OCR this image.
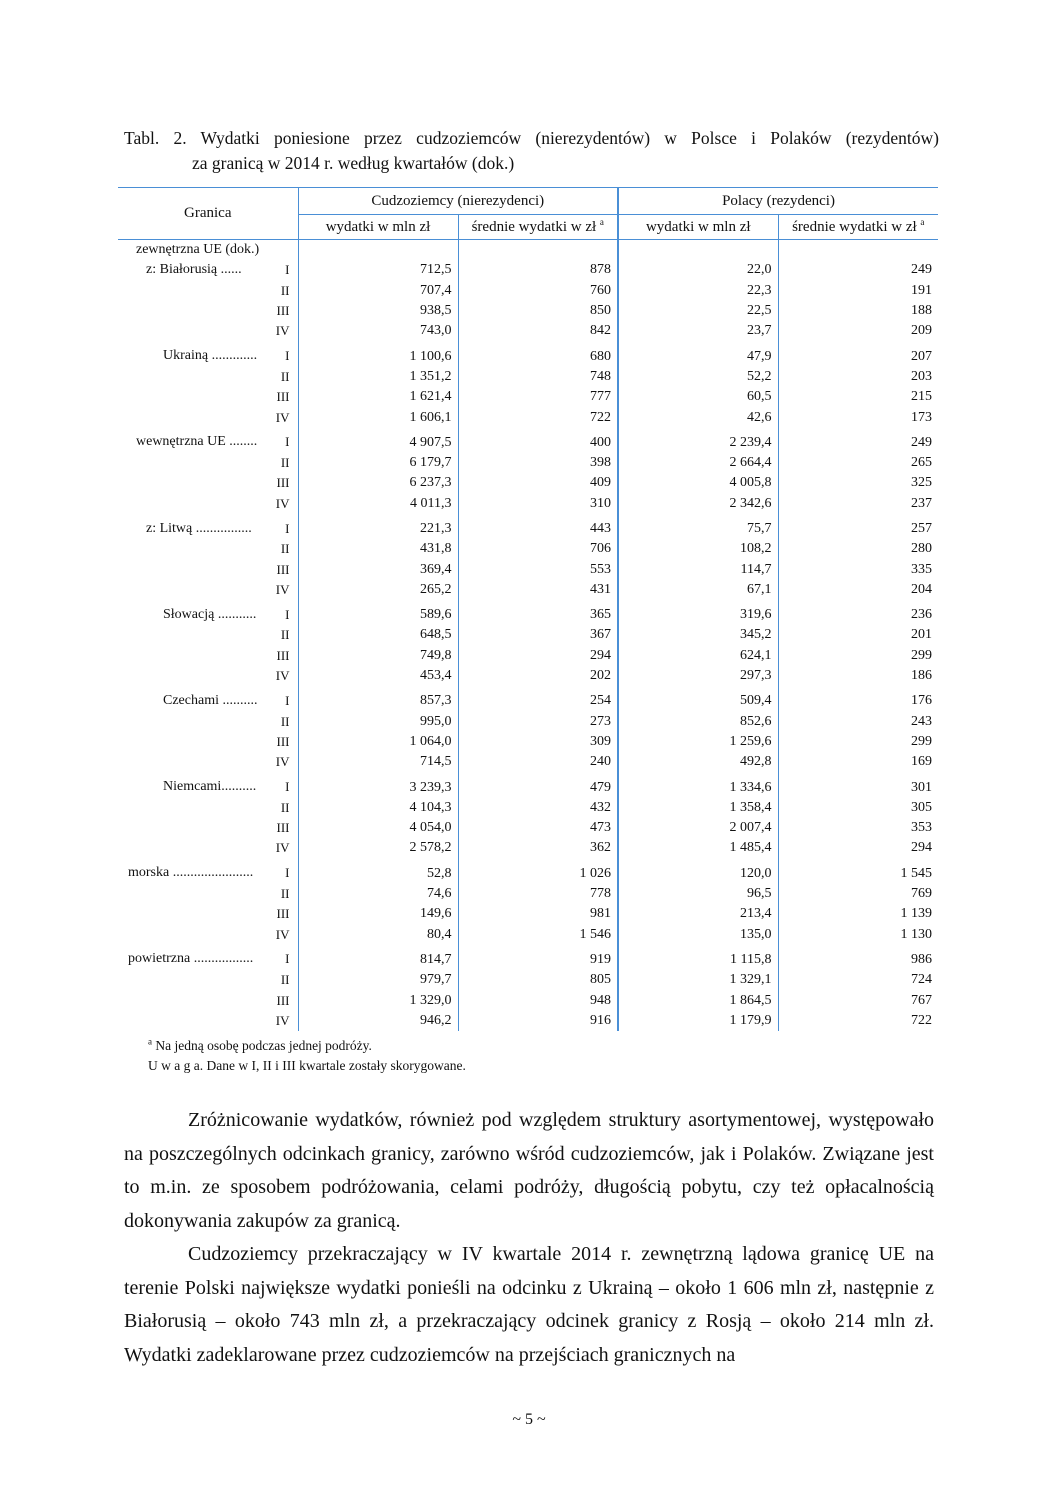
Tabl. 2. Wydatki poniesione przez cudzoziemców (nierezydentów) w Polsce i Polaków (rezydentów)
za granicą w 2014 r. według kwartałów (dok.)
Granica	Cudzoziemcy (nierezydenci)		Polacy (rezydenci)	
	wydatki w mln zł	średnie wydatki w zł $^a$	wydatki w mln zł	średnie wydatki w zł $^a$

zewnętrzna UE (dok.)				

z: Białorusią ...... I	712,5	878	22,0	249

II	707,4	760	22,3	191

III	938,5	850	22,5	188

IV	743,0	842	23,7	209

Ukrainą ............. I	1 100,6	680	47,9	207

II	1 351,2	748	52,2	203

III	1 621,4	777	60,5	215

IV	1 606,1	722	42,6	173

wewnętrzna UE ........ I	4 907,5	400	2 239,4	249

II	6 179,7	398	2 664,4	265

III	6 237,3	409	4 005,8	325

IV	4 011,3	310	2 342,6	237

z: Litwą ................ I	221,3	443	75,7	257

II	431,8	706	108,2	280

III	369,4	553	114,7	335

IV	265,2	431	67,1	204

Słowacją ........... I	589,6	365	319,6	236

II	648,5	367	345,2	201

III	749,8	294	624,1	299

IV	453,4	202	297,3	186

Czechami .......... I	857,3	254	509,4	176

II	995,0	273	852,6	243

III	1 064,0	309	1 259,6	299

IV	714,5	240	492,8	169

Niemcami.......... I	3 239,3	479	1 334,6	301

II	4 104,3	432	1 358,4	305

III	4 054,0	473	2 007,4	353

IV	2 578,2	362	1 485,4	294

morska ....................... I	52,8	1 026	120,0	1 545

II	74,6	778	96,5	769

III	149,6	981	213,4	1 139

IV	80,4	1 546	135,0	1 130

powietrzna ................. I	814,7	919	1 115,8	986

II	979,7	805	1 329,1	724

III	1 329,0	948	1 864,5	767

IV	946,2	916	1 179,9	722
$^a$ Na jedną osobę podczas jednej podróży.
U w a g a. Dane w I, II i III kwartale zostały skorygowane.

Zróżnicowanie wydatków, również pod względem struktury asortymentowej, występowało na poszczególnych odcinkach granicy, zarówno wśród cudzoziemców, jak i Polaków. Związane jest to m.in. ze sposobem podróżowania, celami podróży, długością pobytu, czy też opłacalnością dokonywania zakupów za granicą.

Cudzoziemcy przekraczający w IV kwartale 2014 r. zewnętrzną lądowa granicę UE na terenie Polski największe wydatki ponieśli na odcinku z Ukrainą – około 1 606 mln zł, następnie z Białorusią – około 743 mln zł, a przekraczający odcinek granicy z Rosją – około 214 mln zł. Wydatki zadeklarowane przez cudzoziemców na przejściach granicznych na

~ 5 ~
